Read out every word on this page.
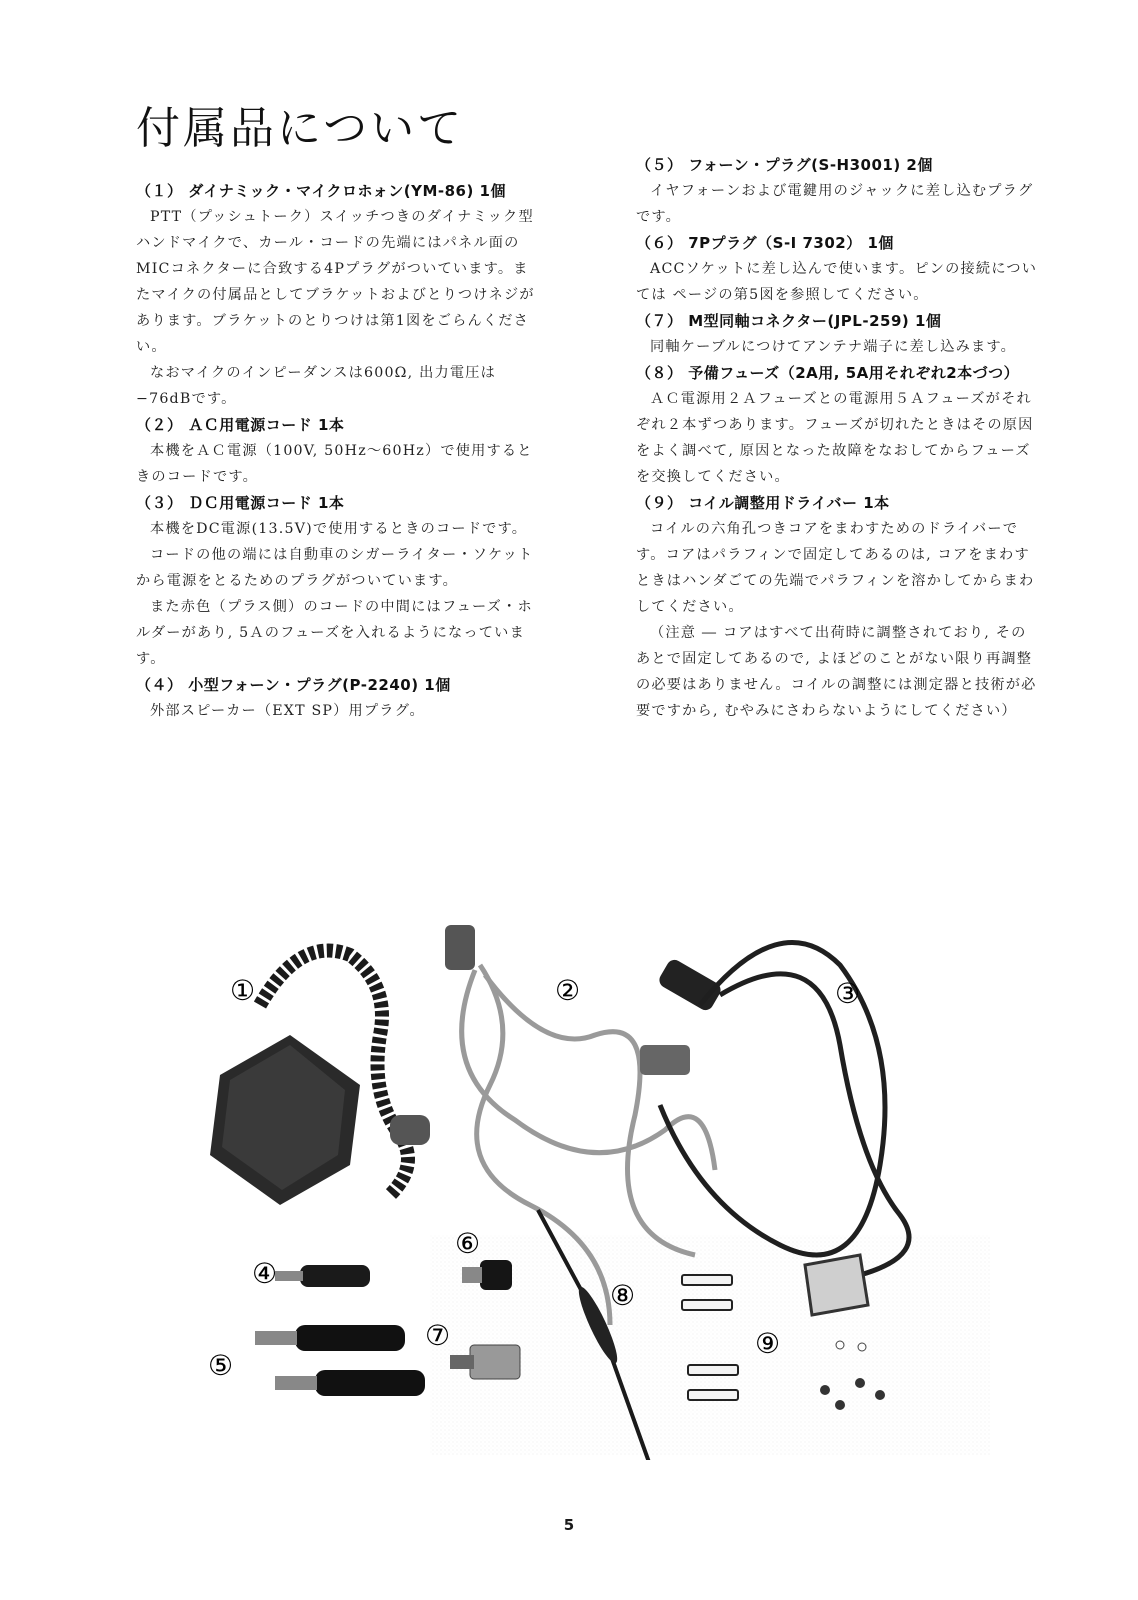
付属品について
（１） ダイナミック・マイクロホォン(YM-86) 1個

PTT（プッシュトーク）スイッチつきのダイナミック型ハンドマイクで、カール・コードの先端にはパネル面のMICコネクターに合致する4Pプラグがついています。またマイクの付属品としてブラケットおよびとりつけネジがあります。ブラケットのとりつけは第1図をごらんください。

なおマイクのインピーダンスは600Ω, 出力電圧は−76dBです。

（２） ＡＣ用電源コード 1本

本機をＡＣ電源（100V, 50Hz〜60Hz）で使用するときのコードです。

（３） ＤＣ用電源コード 1本

本機をDC電源(13.5V)で使用するときのコードです。

コードの他の端には自動車のシガーライター・ソケットから電源をとるためのプラグがついています。

また赤色（プラス側）のコードの中間にはフューズ・ホルダーがあり, 5Ａのフューズを入れるようになっています。

（４） 小型フォーン・プラグ(P-2240) 1個

外部スピーカー（EXT SP）用プラグ。

（５） フォーン・プラグ(S-H3001) 2個

イヤフォーンおよび電鍵用のジャックに差し込むプラグです。

（６） 7Pプラグ（S-I 7302） 1個

ACCソケットに差し込んで使います。ピンの接続については ページの第5図を参照してください。

（７） M型同軸コネクター(JPL-259) 1個

同軸ケーブルにつけてアンテナ端子に差し込みます。

（８） 予備フューズ（2A用, 5A用それぞれ2本づつ）

ＡＣ電源用２Ａフューズとの電源用５Ａフューズがそれぞれ２本ずつあります。フューズが切れたときはその原因をよく調べて, 原因となった故障をなおしてからフューズを交換してください。

（９） コイル調整用ドライバー 1本

コイルの六角孔つきコアをまわすためのドライバーです。コアはパラフィンで固定してあるのは, コアをまわすときはハンダごての先端でパラフィンを溶かしてからまわしてください。

（注意 ― コアはすべて出荷時に調整されており, そのあとで固定してあるので, よほどのことがない限り再調整の必要はありません。コイルの調整には測定器と技術が必要ですから, むやみにさわらないようにしてください）

①	②	③
④
⑤
⑥
⑦
⑧
⑨
5
